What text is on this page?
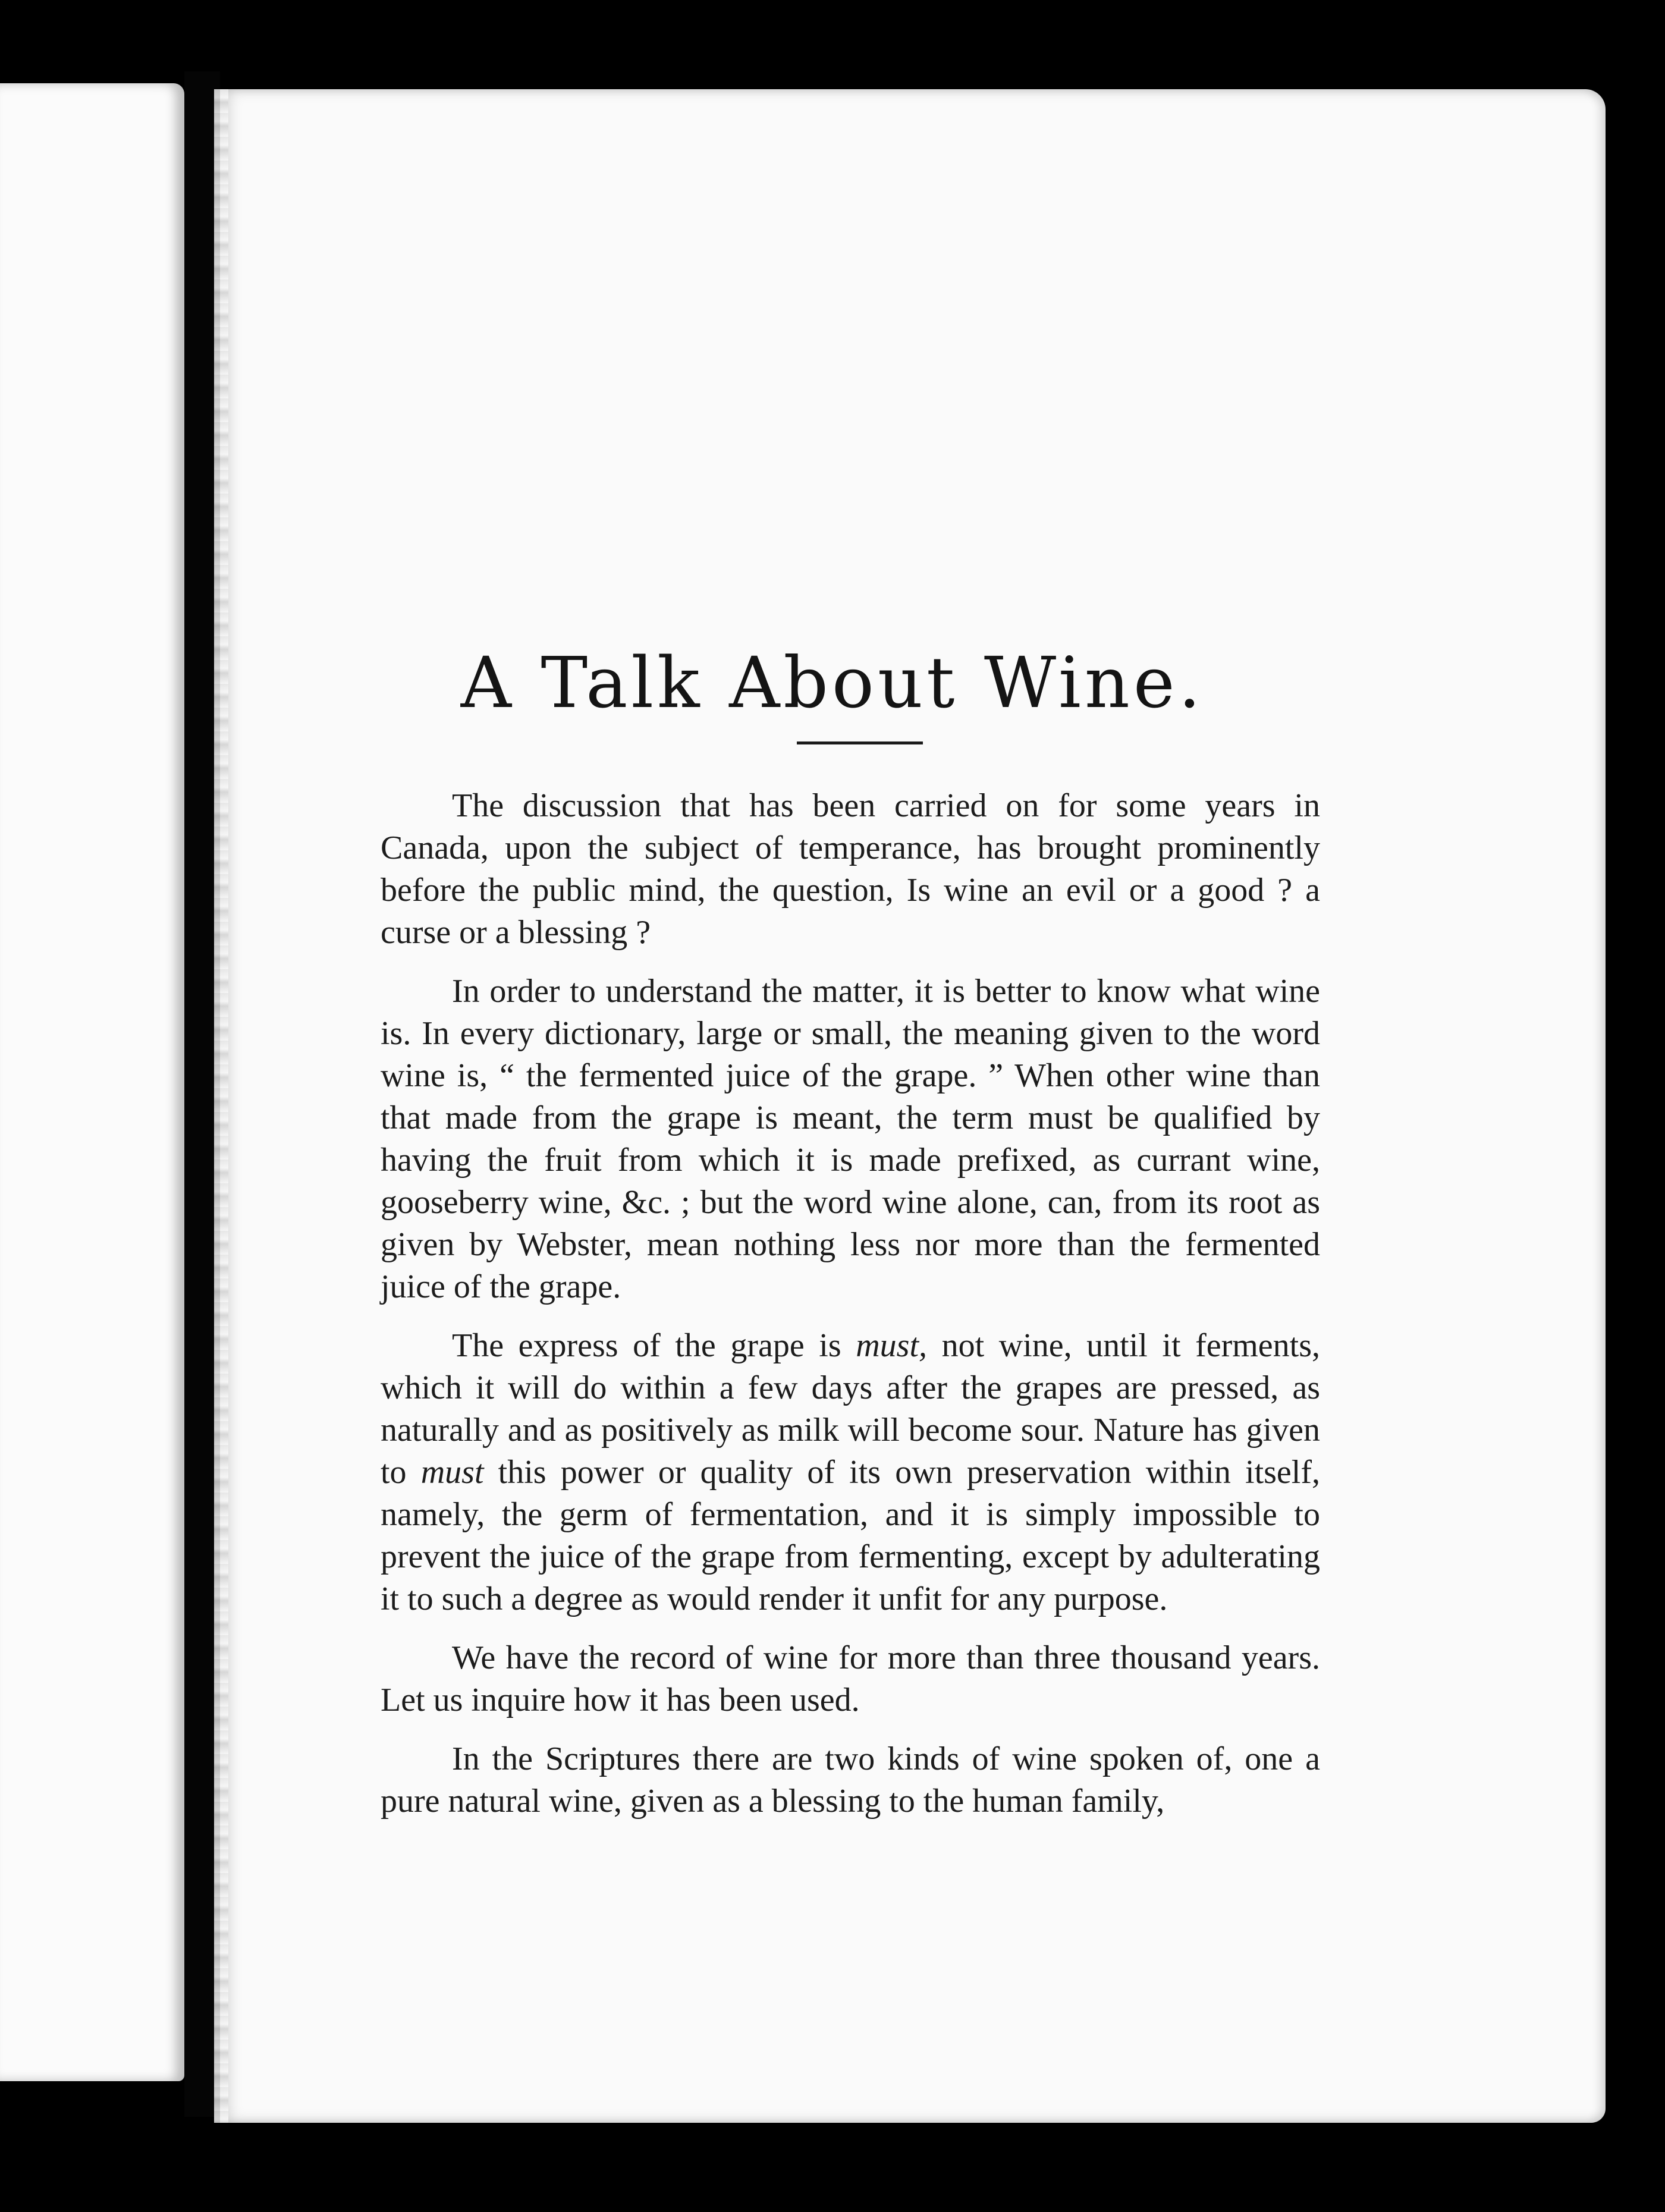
A Talk About Wine.

The discussion that has been carried on for some years in Canada, upon the subject of temperance, has brought prominently before the public mind, the question, Is wine an evil or a good ? a curse or a blessing ?

In order to understand the matter, it is better to know what wine is. In every dictionary, large or small, the meaning given to the word wine is, “ the fermented juice of the grape. ” When other wine than that made from the grape is meant, the term must be qualified by having the fruit from which it is made prefixed, as currant wine, gooseberry wine, &c. ; but the word wine alone, can, from its root as given by Webster, mean nothing less nor more than the fermented juice of the grape.

The express of the grape is must, not wine, until it ferments, which it will do within a few days after the grapes are pressed, as naturally and as positively as milk will become sour. Nature has given to must this power or quality of its own preservation within itself, namely, the germ of fermentation, and it is simply impossible to prevent the juice of the grape from fermenting, except by adulterating it to such a degree as would render it unfit for any purpose.

We have the record of wine for more than three thousand years. Let us inquire how it has been used.

In the Scriptures there are two kinds of wine spoken of, one a pure natural wine, given as a blessing to the human family,
